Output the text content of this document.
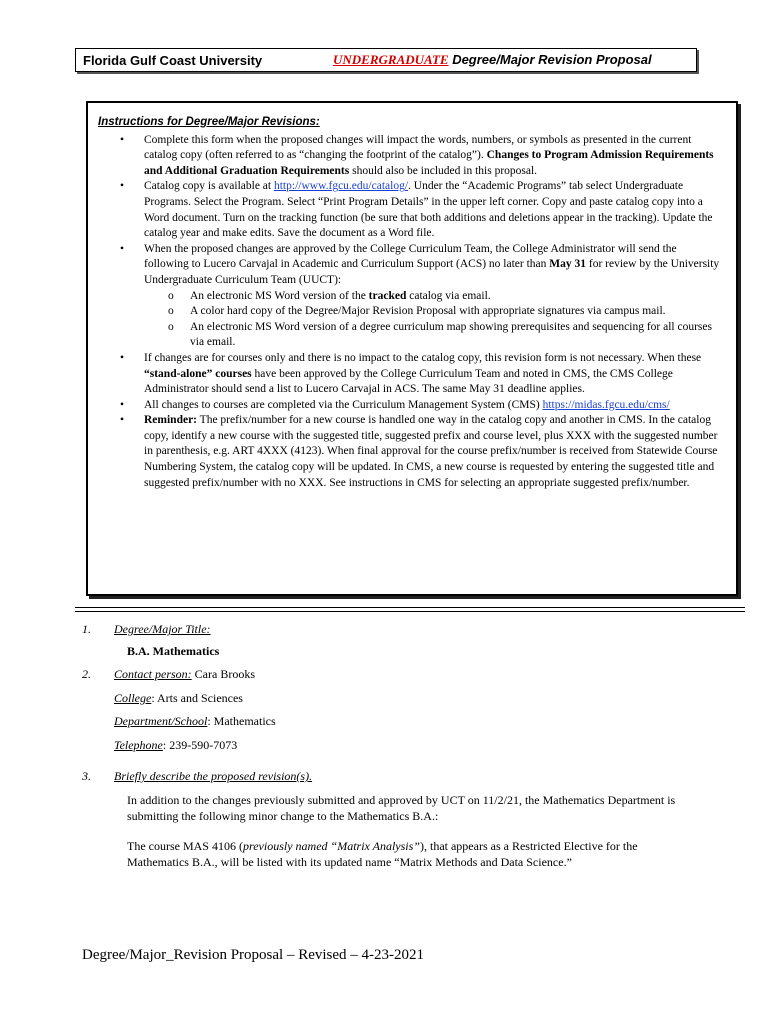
Florida Gulf Coast University	UNDERGRADUATE Degree/Major Revision Proposal
Instructions for Degree/Major Revisions:
• Complete this form when the proposed changes will impact the words, numbers, or symbols as presented in the current catalog copy (often referred to as “changing the footprint of the catalog”). Changes to Program Admission Requirements and Additional Graduation Requirements should also be included in this proposal.
• Catalog copy is available at http://www.fgcu.edu/catalog/. Under the “Academic Programs” tab select Undergraduate Programs. Select the Program. Select “Print Program Details” in the upper left corner. Copy and paste catalog copy into a Word document. Turn on the tracking function (be sure that both additions and deletions appear in the tracking). Update the catalog year and make edits. Save the document as a Word file.
• When the proposed changes are approved by the College Curriculum Team, the College Administrator will send the following to Lucero Carvajal in Academic and Curriculum Support (ACS) no later than May 31 for review by the University Undergraduate Curriculum Team (UUCT):
o An electronic MS Word version of the tracked catalog via email.
o A color hard copy of the Degree/Major Revision Proposal with appropriate signatures via campus mail.
o An electronic MS Word version of a degree curriculum map showing prerequisites and sequencing for all courses via email.
• If changes are for courses only and there is no impact to the catalog copy, this revision form is not necessary. When these “stand-alone” courses have been approved by the College Curriculum Team and noted in CMS, the CMS College Administrator should send a list to Lucero Carvajal in ACS. The same May 31 deadline applies.
• All changes to courses are completed via the Curriculum Management System (CMS) https://midas.fgcu.edu/cms/
• Reminder: The prefix/number for a new course is handled one way in the catalog copy and another in CMS. In the catalog copy, identify a new course with the suggested title, suggested prefix and course level, plus XXX with the suggested number in parenthesis, e.g. ART 4XXX (4123). When final approval for the course prefix/number is received from Statewide Course Numbering System, the catalog copy will be updated. In CMS, a new course is requested by entering the suggested title and suggested prefix/number with no XXX. See instructions in CMS for selecting an appropriate suggested prefix/number.
1. Degree/Major Title:
B.A. Mathematics
2. Contact person: Cara Brooks
College: Arts and Sciences
Department/School: Mathematics
Telephone: 239-590-7073
3. Briefly describe the proposed revision(s).
In addition to the changes previously submitted and approved by UCT on 11/2/21, the Mathematics Department is submitting the following minor change to the Mathematics B.A.:
The course MAS 4106 (previously named “Matrix Analysis”), that appears as a Restricted Elective for the Mathematics B.A., will be listed with its updated name “Matrix Methods and Data Science.”
Degree/Major_Revision Proposal – Revised – 4-23-2021
